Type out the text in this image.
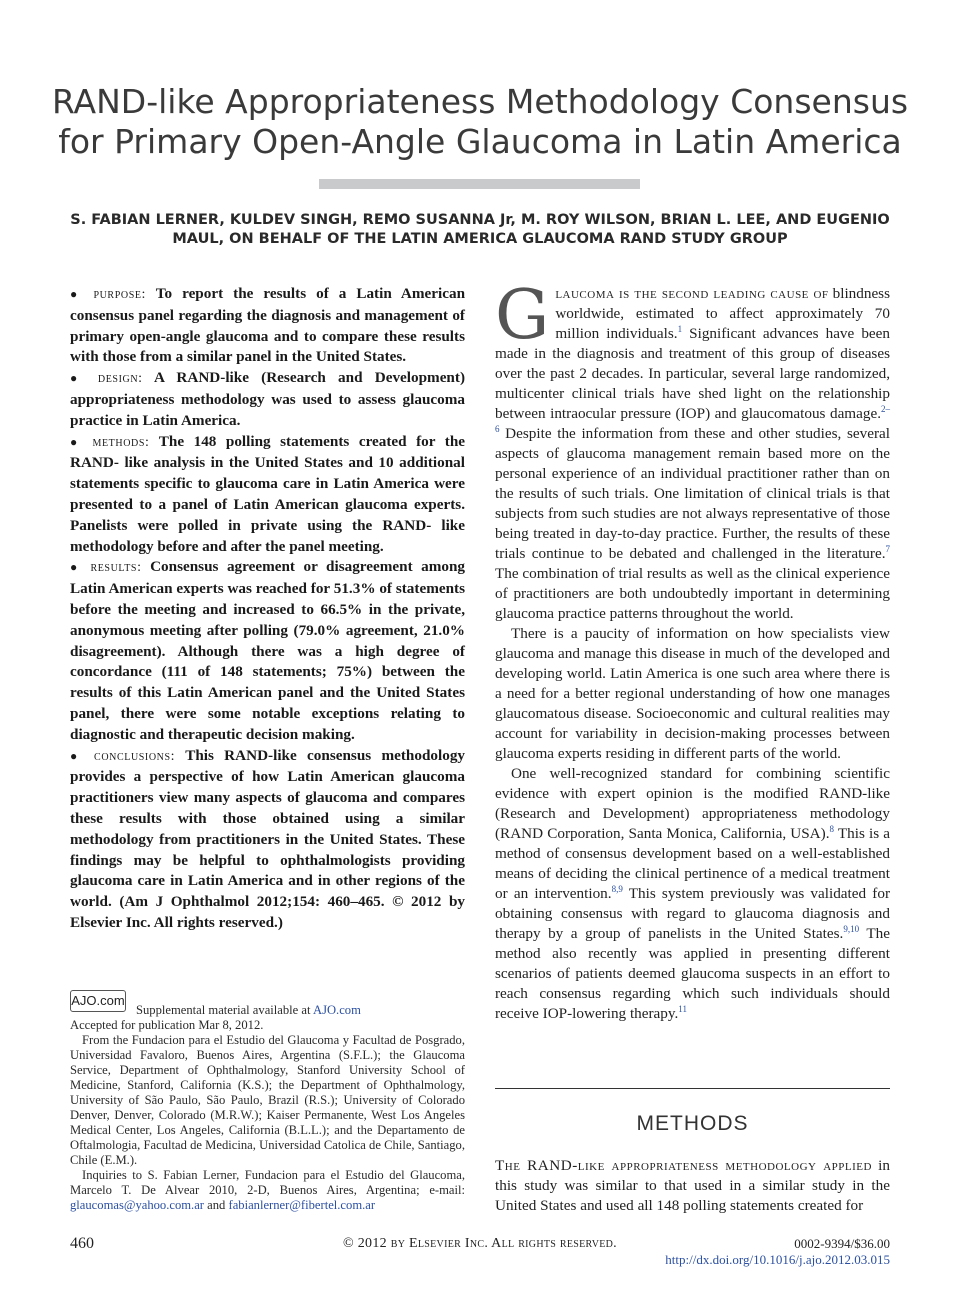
RAND-like Appropriateness Methodology Consensus for Primary Open-Angle Glaucoma in Latin America

S. FABIAN LERNER, KULDEV SINGH, REMO SUSANNA Jr, M. ROY WILSON, BRIAN L. LEE, AND EUGENIO MAUL, ON BEHALF OF THE LATIN AMERICA GLAUCOMA RAND STUDY GROUP

● purpose: To report the results of a Latin American consensus panel regarding the diagnosis and management of primary open-angle glaucoma and to compare these results with those from a similar panel in the United States.

● design: A RAND-like (Research and Development) appropriateness methodology was used to assess glaucoma practice in Latin America.

● methods: The 148 polling statements created for the RAND- like analysis in the United States and 10 additional statements specific to glaucoma care in Latin America were presented to a panel of Latin American glaucoma experts. Panelists were polled in private using the RAND- like methodology before and after the panel meeting.

● results: Consensus agreement or disagreement among Latin American experts was reached for 51.3% of statements before the meeting and increased to 66.5% in the private, anonymous meeting after polling (79.0% agreement, 21.0% disagreement). Although there was a high degree of concordance (111 of 148 statements; 75%) between the results of this Latin American panel and the United States panel, there were some notable exceptions relating to diagnostic and therapeutic decision making.

● conclusions: This RAND-like consensus methodology provides a perspective of how Latin American glaucoma practitioners view many aspects of glaucoma and compares these results with those obtained using a similar methodology from practitioners in the United States. These findings may be helpful to ophthalmologists providing glaucoma care in Latin America and in other regions of the world. (Am J Ophthalmol 2012;154: 460–465. © 2012 by Elsevier Inc. All rights reserved.)

AJO.com

Supplemental material available at AJO.com

Accepted for publication Mar 8, 2012.

From the Fundacion para el Estudio del Glaucoma y Facultad de Posgrado, Universidad Favaloro, Buenos Aires, Argentina (S.F.L.); the Glaucoma Service, Department of Ophthalmology, Stanford University School of Medicine, Stanford, California (K.S.); the Department of Ophthalmology, University of São Paulo, São Paulo, Brazil (R.S.); University of Colorado Denver, Denver, Colorado (M.R.W.); Kaiser Permanente, West Los Angeles Medical Center, Los Angeles, California (B.L.L.); and the Departamento de Oftalmologia, Facultad de Medicina, Universidad Catolica de Chile, Santiago, Chile (E.M.).

Inquiries to S. Fabian Lerner, Fundacion para el Estudio del Glaucoma, Marcelo T. De Alvear 2010, 2-D, Buenos Aires, Argentina; e-mail: glaucomas@yahoo.com.ar and fabianlerner@fibertel.com.ar

Glaucoma is the second leading cause of blindness worldwide, estimated to affect approximately 70 million individuals.$^1$ Significant advances have been made in the diagnosis and treatment of this group of diseases over the past 2 decades. In particular, several large randomized, multicenter clinical trials have shed light on the relationship between intraocular pressure (IOP) and glaucomatous damage.$^{2-6}$ Despite the information from these and other studies, several aspects of glaucoma management remain based more on the personal experience of an individual practitioner rather than on the results of such trials. One limitation of clinical trials is that subjects from such studies are not always representative of those being treated in day-to-day practice. Further, the results of these trials continue to be debated and challenged in the literature.$^7$ The combination of trial results as well as the clinical experience of practitioners are both undoubtedly important in determining glaucoma practice patterns throughout the world.

There is a paucity of information on how specialists view glaucoma and manage this disease in much of the developed and developing world. Latin America is one such area where there is a need for a better regional understanding of how one manages glaucomatous disease. Socioeconomic and cultural realities may account for variability in decision-making processes between glaucoma experts residing in different parts of the world.

One well-recognized standard for combining scientific evidence with expert opinion is the modified RAND-like (Research and Development) appropriateness methodology (RAND Corporation, Santa Monica, California, USA).$^8$ This is a method of consensus development based on a well-established means of deciding the clinical pertinence of a medical treatment or an intervention.$^{8,9}$ This system previously was validated for obtaining consensus with regard to glaucoma diagnosis and therapy by a group of panelists in the United States.$^{9,10}$ The method also recently was applied in presenting different scenarios of patients deemed glaucoma suspects in an effort to reach consensus regarding which such individuals should receive IOP-lowering therapy.$^{11}$

METHODS

The RAND-like appropriateness methodology applied in this study was similar to that used in a similar study in the United States and used all 148 polling statements created for

460	© 2012 by Elsevier Inc. All rights reserved.	0002-9394/$36.00
http://dx.doi.org/10.1016/j.ajo.2012.03.015
